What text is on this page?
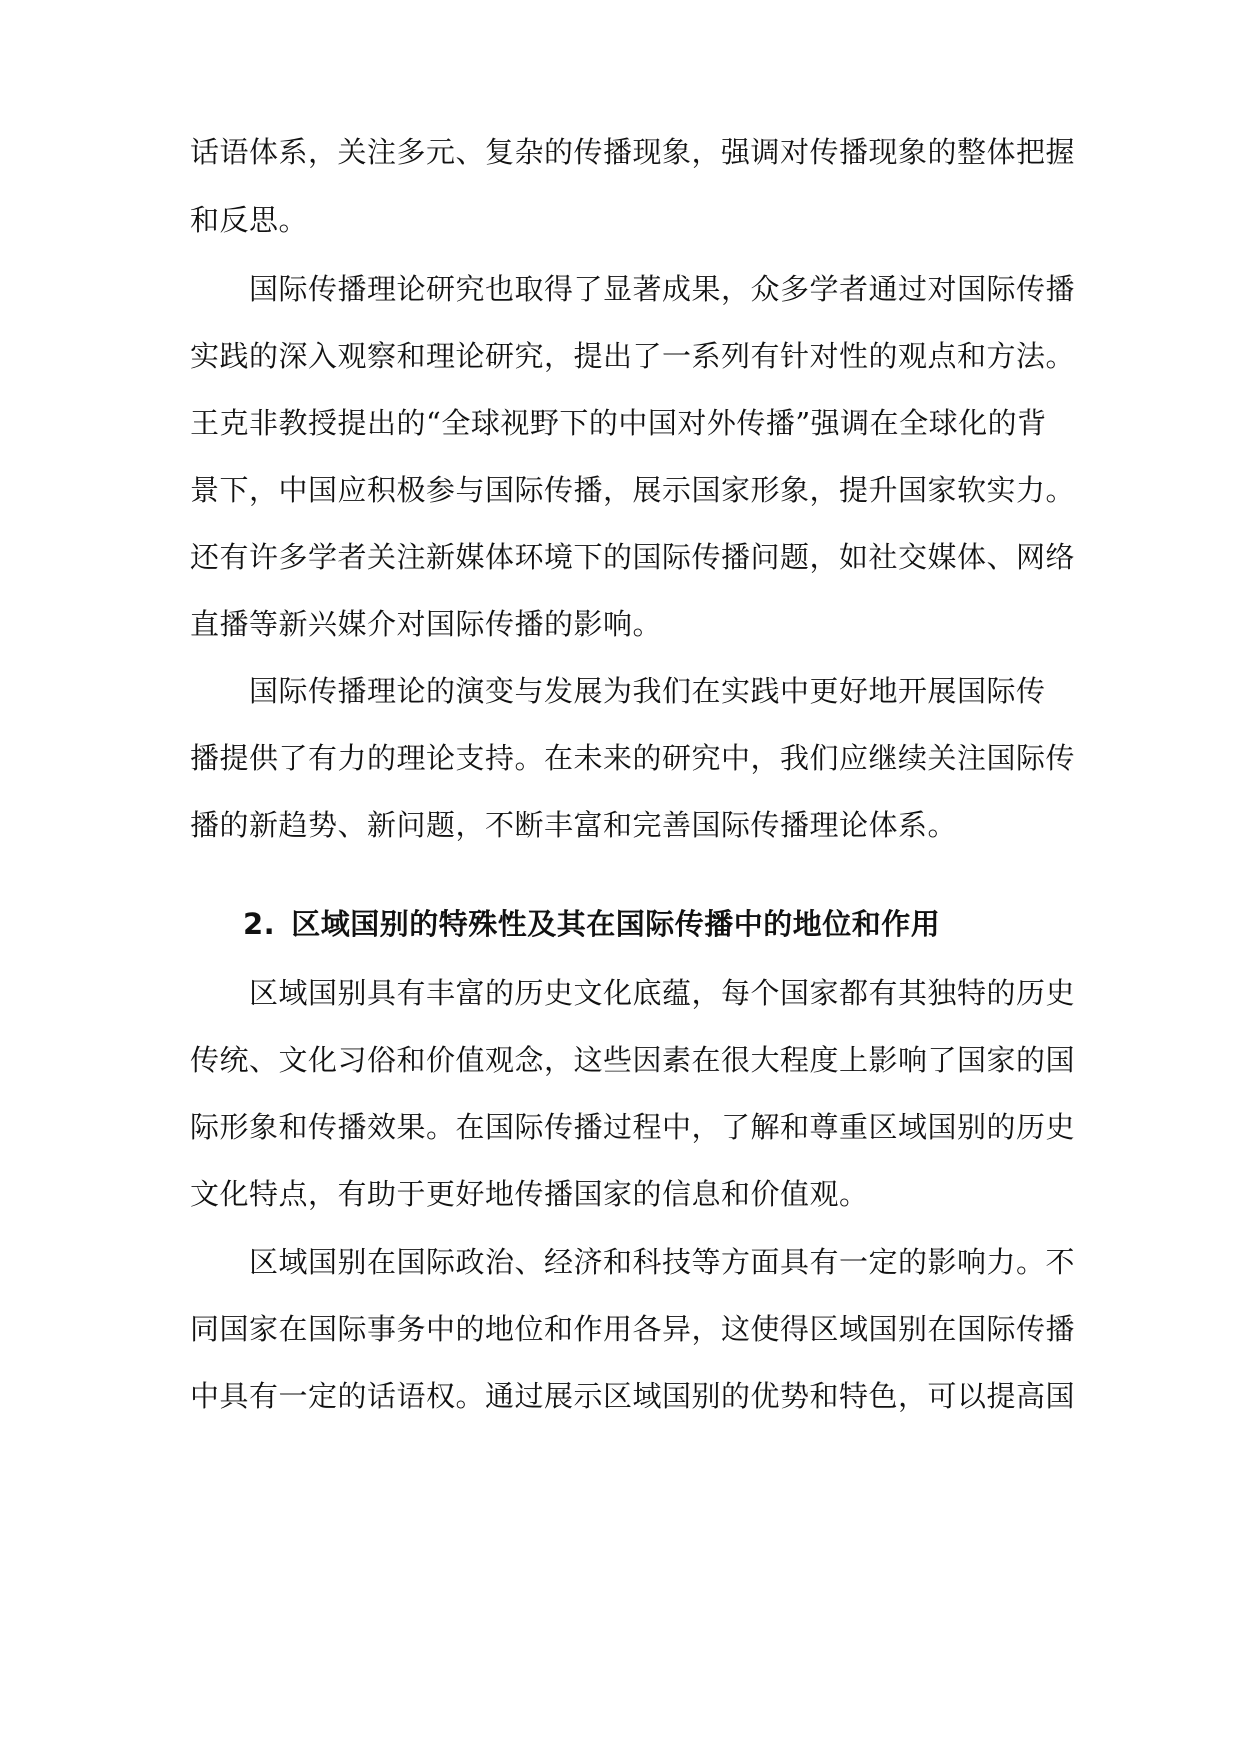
话语体系，关注多元、复杂的传播现象，强调对传播现象的整体把握
和反思。
国际传播理论研究也取得了显著成果，众多学者通过对国际传播
实践的深入观察和理论研究，提出了一系列有针对性的观点和方法。
王克非教授提出的“全球视野下的中国对外传播”强调在全球化的背
景下，中国应积极参与国际传播，展示国家形象，提升国家软实力。
还有许多学者关注新媒体环境下的国际传播问题，如社交媒体、网络
直播等新兴媒介对国际传播的影响。
国际传播理论的演变与发展为我们在实践中更好地开展国际传
播提供了有力的理论支持。在未来的研究中，我们应继续关注国际传
播的新趋势、新问题，不断丰富和完善国际传播理论体系。
2. 区域国别的特殊性及其在国际传播中的地位和作用
区域国别具有丰富的历史文化底蕴，每个国家都有其独特的历史
传统、文化习俗和价值观念，这些因素在很大程度上影响了国家的国
际形象和传播效果。在国际传播过程中，了解和尊重区域国别的历史
文化特点，有助于更好地传播国家的信息和价值观。
区域国别在国际政治、经济和科技等方面具有一定的影响力。不
同国家在国际事务中的地位和作用各异，这使得区域国别在国际传播
中具有一定的话语权。通过展示区域国别的优势和特色，可以提高国
